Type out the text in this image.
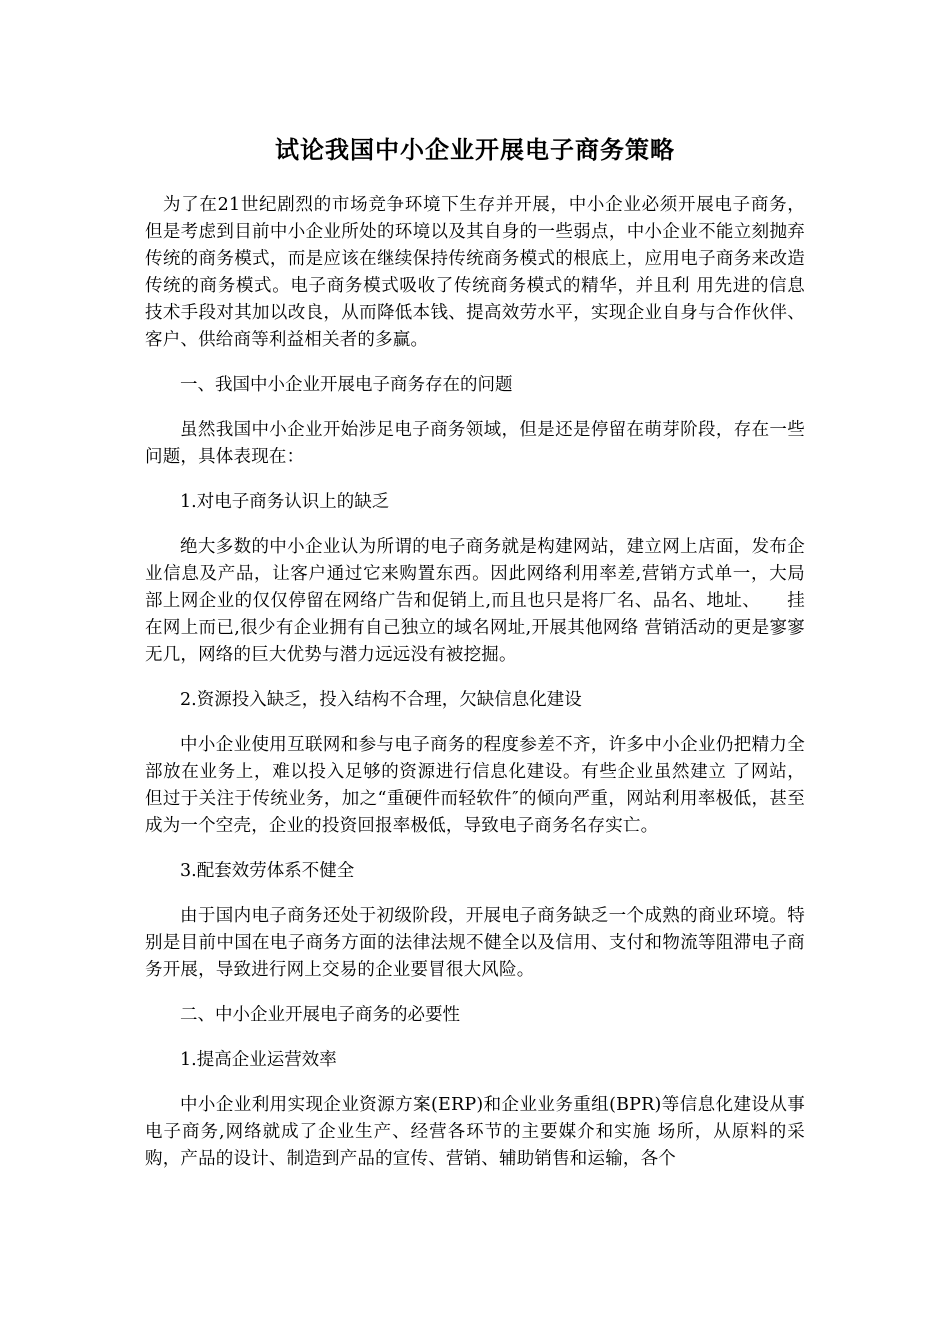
试论我国中小企业开展电子商务策略

为了在21世纪剧烈的市场竞争环境下生存并开展，中小企业必须开展电子商务，但是考虑到目前中小企业所处的环境以及其自身的一些弱点，中小企业不能立刻抛弃传统的商务模式，而是应该在继续保持传统商务模式的根底上，应用电子商务来改造传统的商务模式。电子商务模式吸收了传统商务模式的精华，并且利 用先进的信息技术手段对其加以改良，从而降低本钱、提高效劳水平，实现企业自身与合作伙伴、客户、供给商等利益相关者的多赢。

一、我国中小企业开展电子商务存在的问题

虽然我国中小企业开始涉足电子商务领域，但是还是停留在萌芽阶段，存在一些问题，具体表现在：

1.对电子商务认识上的缺乏

绝大多数的中小企业认为所谓的电子商务就是构建网站，建立网上店面，发布企业信息及产品，让客户通过它来购置东西。因此网络利用率差,营销方式单一，大局部上网企业的仅仅停留在网络广告和促销上,而且也只是将厂名、品名、地址、　　挂在网上而已,很少有企业拥有自己独立的域名网址,开展其他网络 营销活动的更是寥寥无几，网络的巨大优势与潜力远远没有被挖掘。

2.资源投入缺乏，投入结构不合理，欠缺信息化建设

中小企业使用互联网和参与电子商务的程度参差不齐，许多中小企业仍把精力全部放在业务上，难以投入足够的资源进行信息化建设。有些企业虽然建立 了网站，但过于关注于传统业务，加之“重硬件而轻软件″的倾向严重，网站利用率极低，甚至成为一个空壳，企业的投资回报率极低，导致电子商务名存实亡。

3.配套效劳体系不健全

由于国内电子商务还处于初级阶段，开展电子商务缺乏一个成熟的商业环境。特别是目前中国在电子商务方面的法律法规不健全以及信用、支付和物流等阻滞电子商务开展，导致进行网上交易的企业要冒很大风险。

二、中小企业开展电子商务的必要性

1.提高企业运营效率

中小企业利用实现企业资源方案(ERP)和企业业务重组(BPR)等信息化建设从事电子商务,网络就成了企业生产、经营各环节的主要媒介和实施 场所，从原料的采购，产品的设计、制造到产品的宣传、营销、辅助销售和运输，各个
